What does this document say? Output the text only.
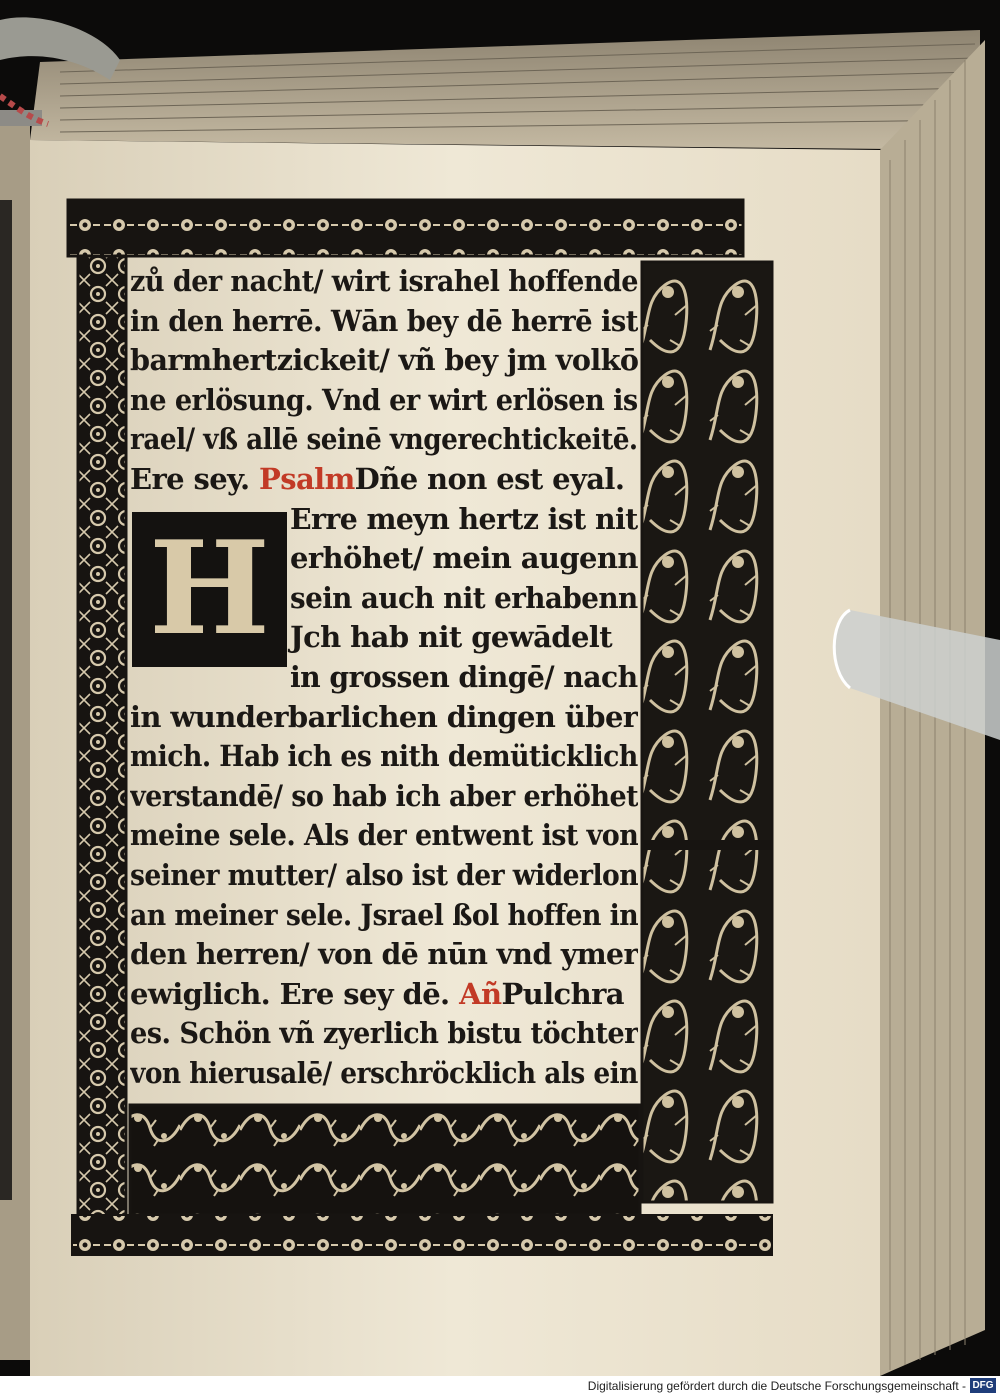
zů der nacht/ wirt israhel hoffende
in den herrē. Wān bey dē herrē ist
barmhertzickeit/ vñ bey jm volkō
ne erlösung. Vnd er wirt erlösen is
rael/ vß allē seinē vngerechtickeitē.
Ere sey. PsalmDñe non est eyal.
Erre meyn hertz ist nit
erhöhet/ mein augenn
sein auch nit erhabenn
Jch hab nit gewādelt
in grossen dingē/ nach
in wunderbarlichen dingen über
mich. Hab ich es nith demüticklich
verstandē/ so hab ich aber erhöhet
meine sele. Als der entwent ist von
seiner mutter/ also ist der widerlon
an meiner sele. Jsrael ßol hoffen in
den herren/ von dē nūn vnd ymer
ewiglich. Ere sey dē. AñPulchra
es. Schön vñ zyerlich bistu töchter
von hierusalē/ erschröcklich als ein
H
Digitalisierung gefördert durch die Deutsche Forschungsgemeinschaft - DFG
